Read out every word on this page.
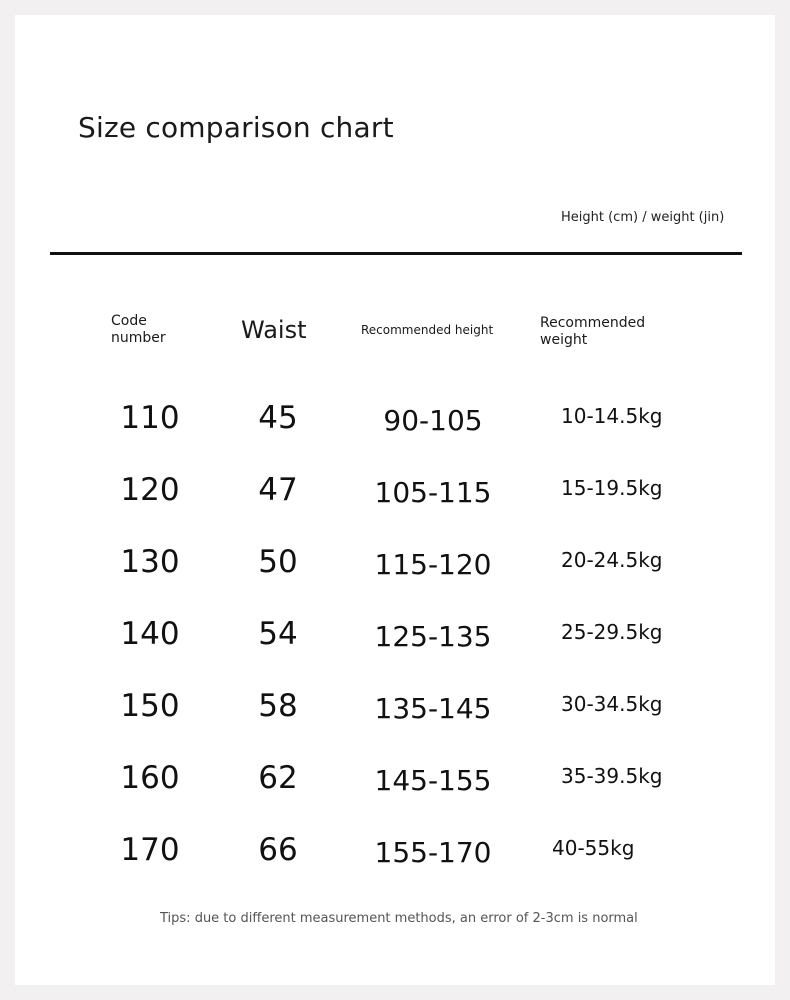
Size comparison chart
Height (cm) / weight (jin)
Code number	Waist	Recommended height	Recommended weight
110	45	90-105	10-14.5kg
120	47	105-115	15-19.5kg
130	50	115-120	20-24.5kg
140	54	125-135	25-29.5kg
150	58	135-145	30-34.5kg
160	62	145-155	35-39.5kg
170	66	155-170	40-55kg
Tips: due to different measurement methods, an error of 2-3cm is normal
